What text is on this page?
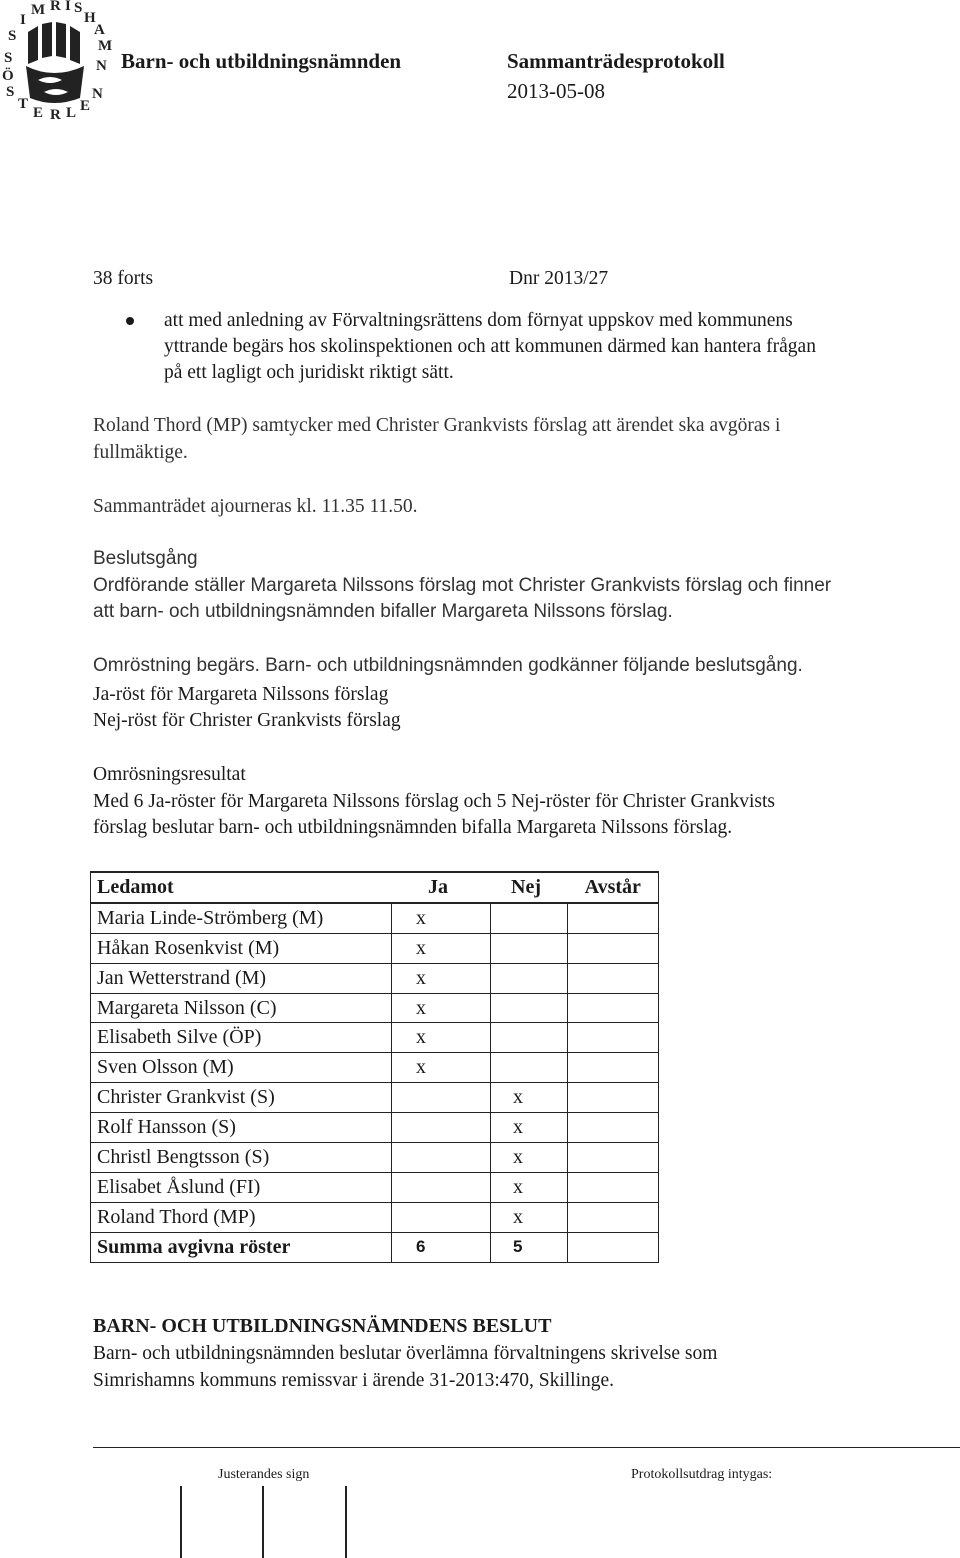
S
I
M R I S
H
A
M
N
S
Ö
S
T
E R L E
N
Barn- och utbildningsnämnden	Sammanträdesprotokoll
2013-05-08
38 forts	Dnr 2013/27
att med anledning av Förvaltningsrättens dom förnyat uppskov med kommunens
yttrande begärs hos skolinspektionen och att kommunen därmed kan hantera frågan
på ett lagligt och juridiskt riktigt sätt.
Roland Thord (MP) samtycker med Christer Grankvists förslag att ärendet ska avgöras i
fullmäktige.
Sammanträdet ajourneras kl. 11.35 11.50.
Beslutsgång
Ordförande ställer Margareta Nilssons förslag mot Christer Grankvists förslag och finner
att barn- och utbildningsnämnden bifaller Margareta Nilssons förslag.
Omröstning begärs. Barn- och utbildningsnämnden godkänner följande beslutsgång.
Ja-röst för Margareta Nilssons förslag
Nej-röst för Christer Grankvists förslag
Omrösningsresultat
Med 6 Ja-röster för Margareta Nilssons förslag och 5 Nej-röster för Christer Grankvists
förslag beslutar barn- och utbildningsnämnden bifalla Margareta Nilssons förslag.
Ledamot	Ja	Nej	Avstår
Maria Linde-Strömberg (M)	x		
Håkan Rosenkvist (M)	x		
Jan Wetterstrand (M)	x		
Margareta Nilsson (C)	x		
Elisabeth Silve (ÖP)	x		
Sven Olsson (M)	x		
Christer Grankvist (S)		x	
Rolf Hansson (S)		x	
Christl Bengtsson (S)		x	
Elisabet Åslund (FI)		x	
Roland Thord (MP)		x	
Summa avgivna röster	6	5	
BARN- OCH UTBILDNINGSNÄMNDENS BESLUT
Barn- och utbildningsnämnden beslutar överlämna förvaltningens skrivelse som
Simrishamns kommuns remissvar i ärende 31-2013:470, Skillinge.
Justerandes sign	Protokollsutdrag intygas:
